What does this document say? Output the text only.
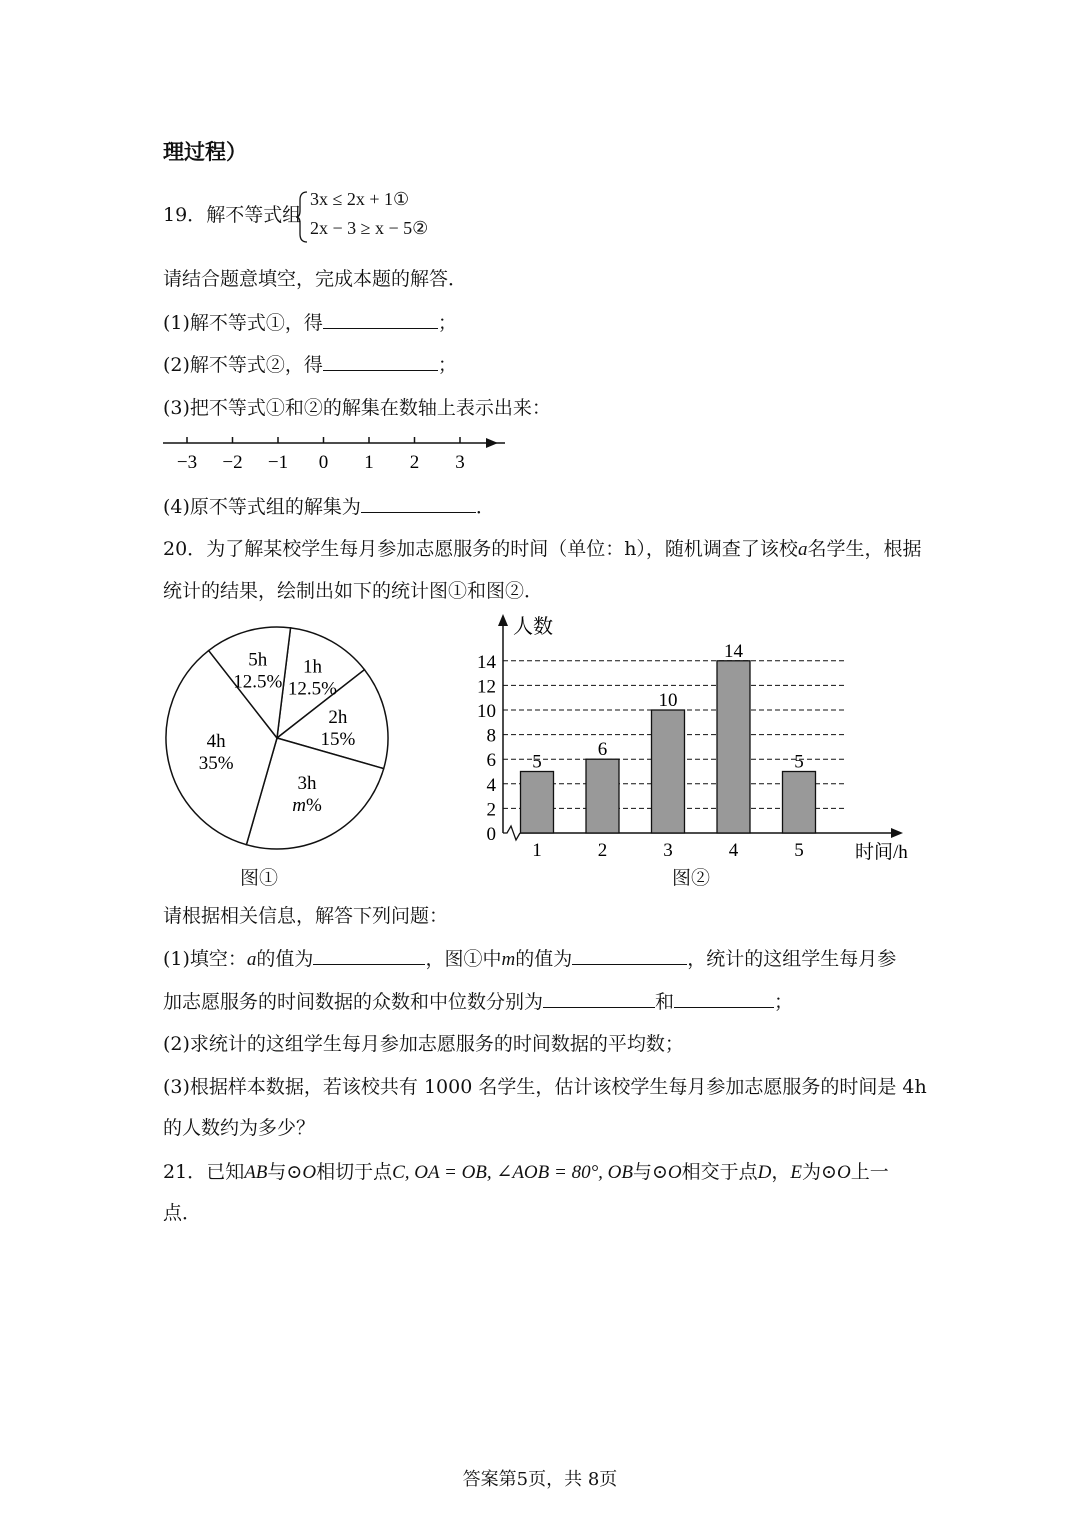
理过程）
19．解不等式组
3x ≤ 2x + 1①
2x − 3 ≥ x − 5②
请结合题意填空，完成本题的解答．
(1)解不等式①，得	；
(2)解不等式②，得	；
(3)把不等式①和②的解集在数轴上表示出来：
−3 −2 −1 0 1 2 3
(4)原不等式组的解集为	．
20．为了解某校学生每月参加志愿服务的时间（单位：h），随机调查了该校a名学生，根据
统计的结果，绘制出如下的统计图①和图②．
1h
12.5%
2h
15%
3h
m%
4h
35%
5h
12.5%
图①
0
2
4
6
8
10
12
14
人数
时间/h
5
1
6
2
10
3
14
4
5
5
图②
请根据相关信息，解答下列问题：
(1)填空：a的值为	，图①中m的值为	，统计的这组学生每月参
加志愿服务的时间数据的众数和中位数分别为	和	；
(2)求统计的这组学生每月参加志愿服务的时间数据的平均数；
(3)根据样本数据，若该校共有 1000 名学生，估计该校学生每月参加志愿服务的时间是 4h
的人数约为多少？
21．已知AB与⊙O相切于点C, OA = OB, ∠AOB = 80°, OB与⊙O相交于点D，E为⊙O上一
点．
答案第5页，共 8页
